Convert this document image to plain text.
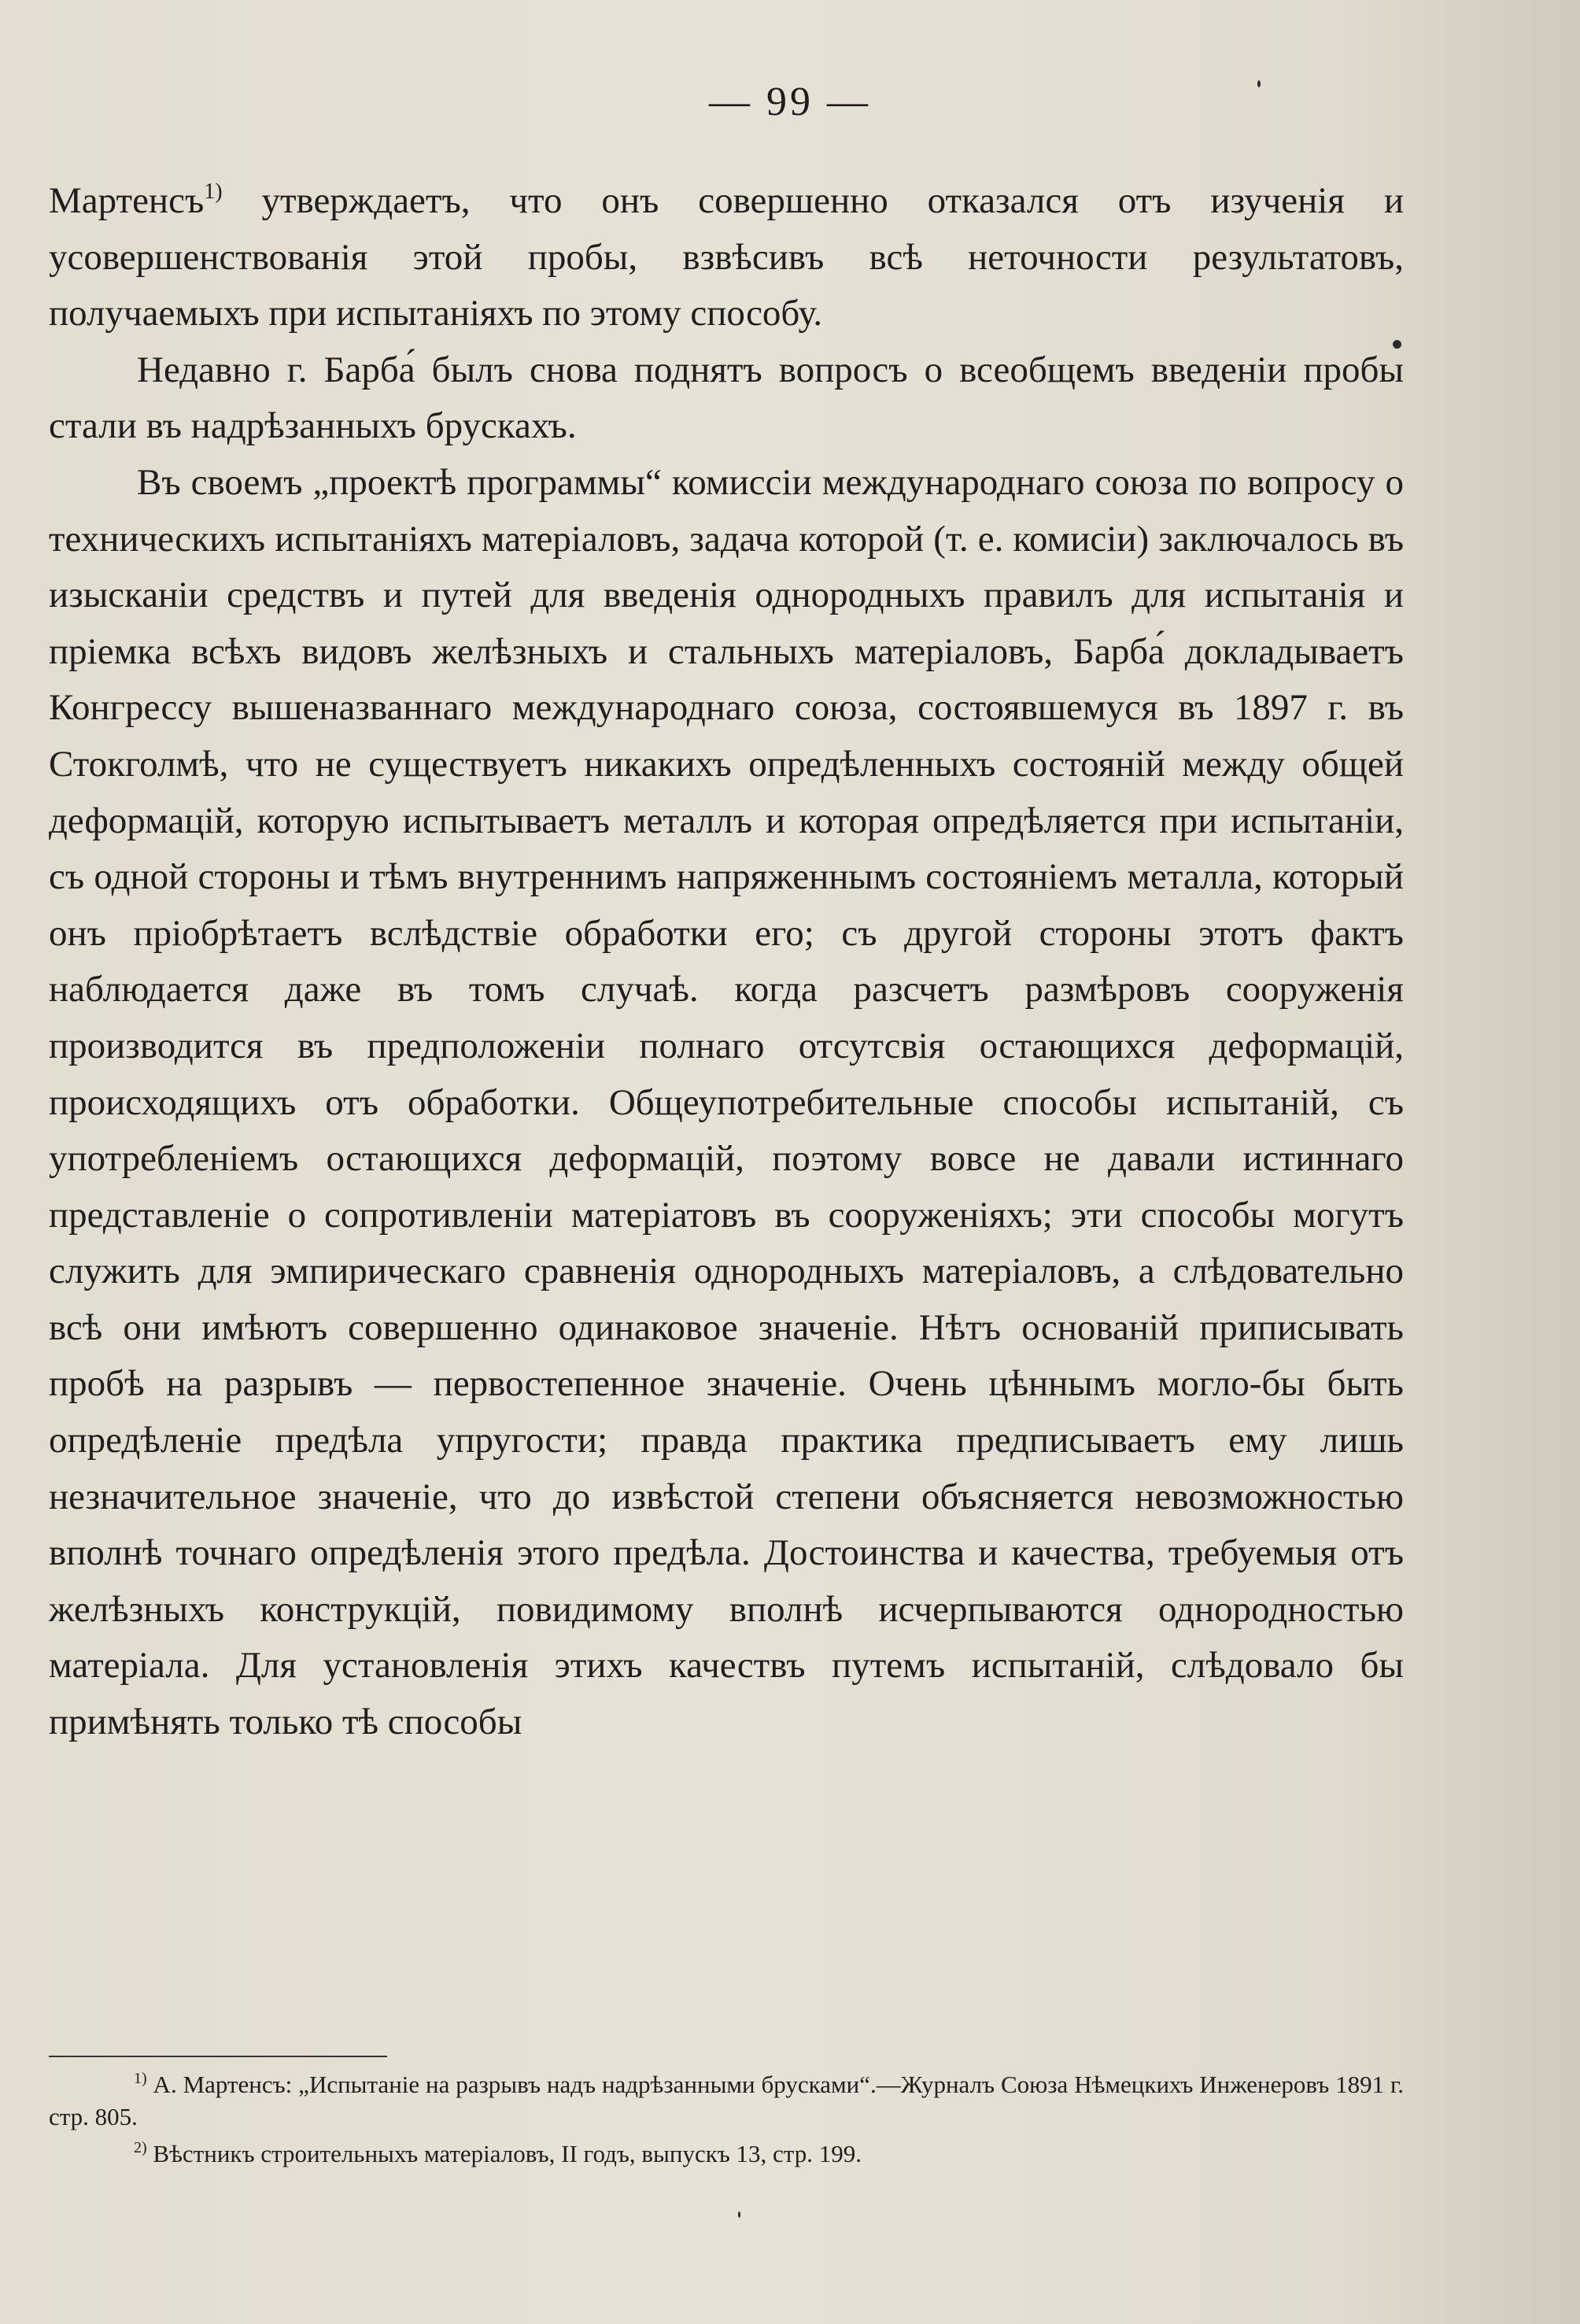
— 99 —

Мартенсъ$^{1)}$ утверждаетъ, что онъ совершенно отказался отъ изученія и усовершенствованія этой пробы, взвѣсивъ всѣ неточности результатовъ, получаемыхъ при испытаніяхъ по этому способу.

Недавно г. Барба́ былъ снова поднятъ вопросъ о всеобщемъ введеніи пробы стали въ надрѣзанныхъ брускахъ.

Въ своемъ „проектѣ программы“ комиссіи международнаго союза по вопросу о техническихъ испытаніяхъ матеріаловъ, задача которой (т. е. комисіи) заключалось въ изысканіи средствъ и путей для введенія однородныхъ правилъ для испытанія и пріемка всѣхъ видовъ желѣзныхъ и стальныхъ матеріаловъ, Барба́ докладываетъ Конгрессу вышеназваннаго международнаго союза, состоявшемуся въ 1897 г. въ Стокголмѣ, что не существуетъ никакихъ опредѣленныхъ состояній между общей деформацій, которую испытываетъ металлъ и которая опредѣляется при испытаніи, съ одной стороны и тѣмъ внутреннимъ напряженнымъ состояніемъ металла, который онъ пріобрѣтаетъ вслѣдствіе обработки его; съ другой стороны этотъ фактъ наблюдается даже въ томъ случаѣ. когда разсчетъ размѣровъ сооруженія производится въ предположеніи полнаго отсутсвія остающихся деформацій, происходящихъ отъ обработки. Общеупотребительные способы испытаній, съ употребленіемъ остающихся деформацій, поэтому вовсе не давали истиннаго представленіе о сопротивленіи матеріатовъ въ сооруженіяхъ; эти способы могутъ служить для эмпирическаго сравненія однородныхъ матеріаловъ, а слѣдовательно всѣ они имѣютъ совершенно одинаковое значеніе. Нѣтъ основаній приписывать пробѣ на разрывъ — первостепенное значеніе. Очень цѣннымъ могло-бы быть опредѣленіе предѣла упругости; правда практика предписываетъ ему лишь незначительное значеніе, что до извѣстой степени объясняется невозможностью вполнѣ точнаго опредѣленія этого предѣла. Достоинства и качества, требуемыя отъ желѣзныхъ конструкцій, повидимому вполнѣ исчерпываются однородностью матеріала. Для установленія этихъ качествъ путемъ испытаній, слѣдовало бы примѣнять только тѣ способы

$^{1)}$ А. Мартенсъ: „Испытаніе на разрывъ надъ надрѣзанными брусками“.—Журналъ Союза Нѣмецкихъ Инженеровъ 1891 г. стр. 805.

$^{2)}$ Вѣстникъ строительныхъ матеріаловъ, II годъ, выпускъ 13, стр. 199.
